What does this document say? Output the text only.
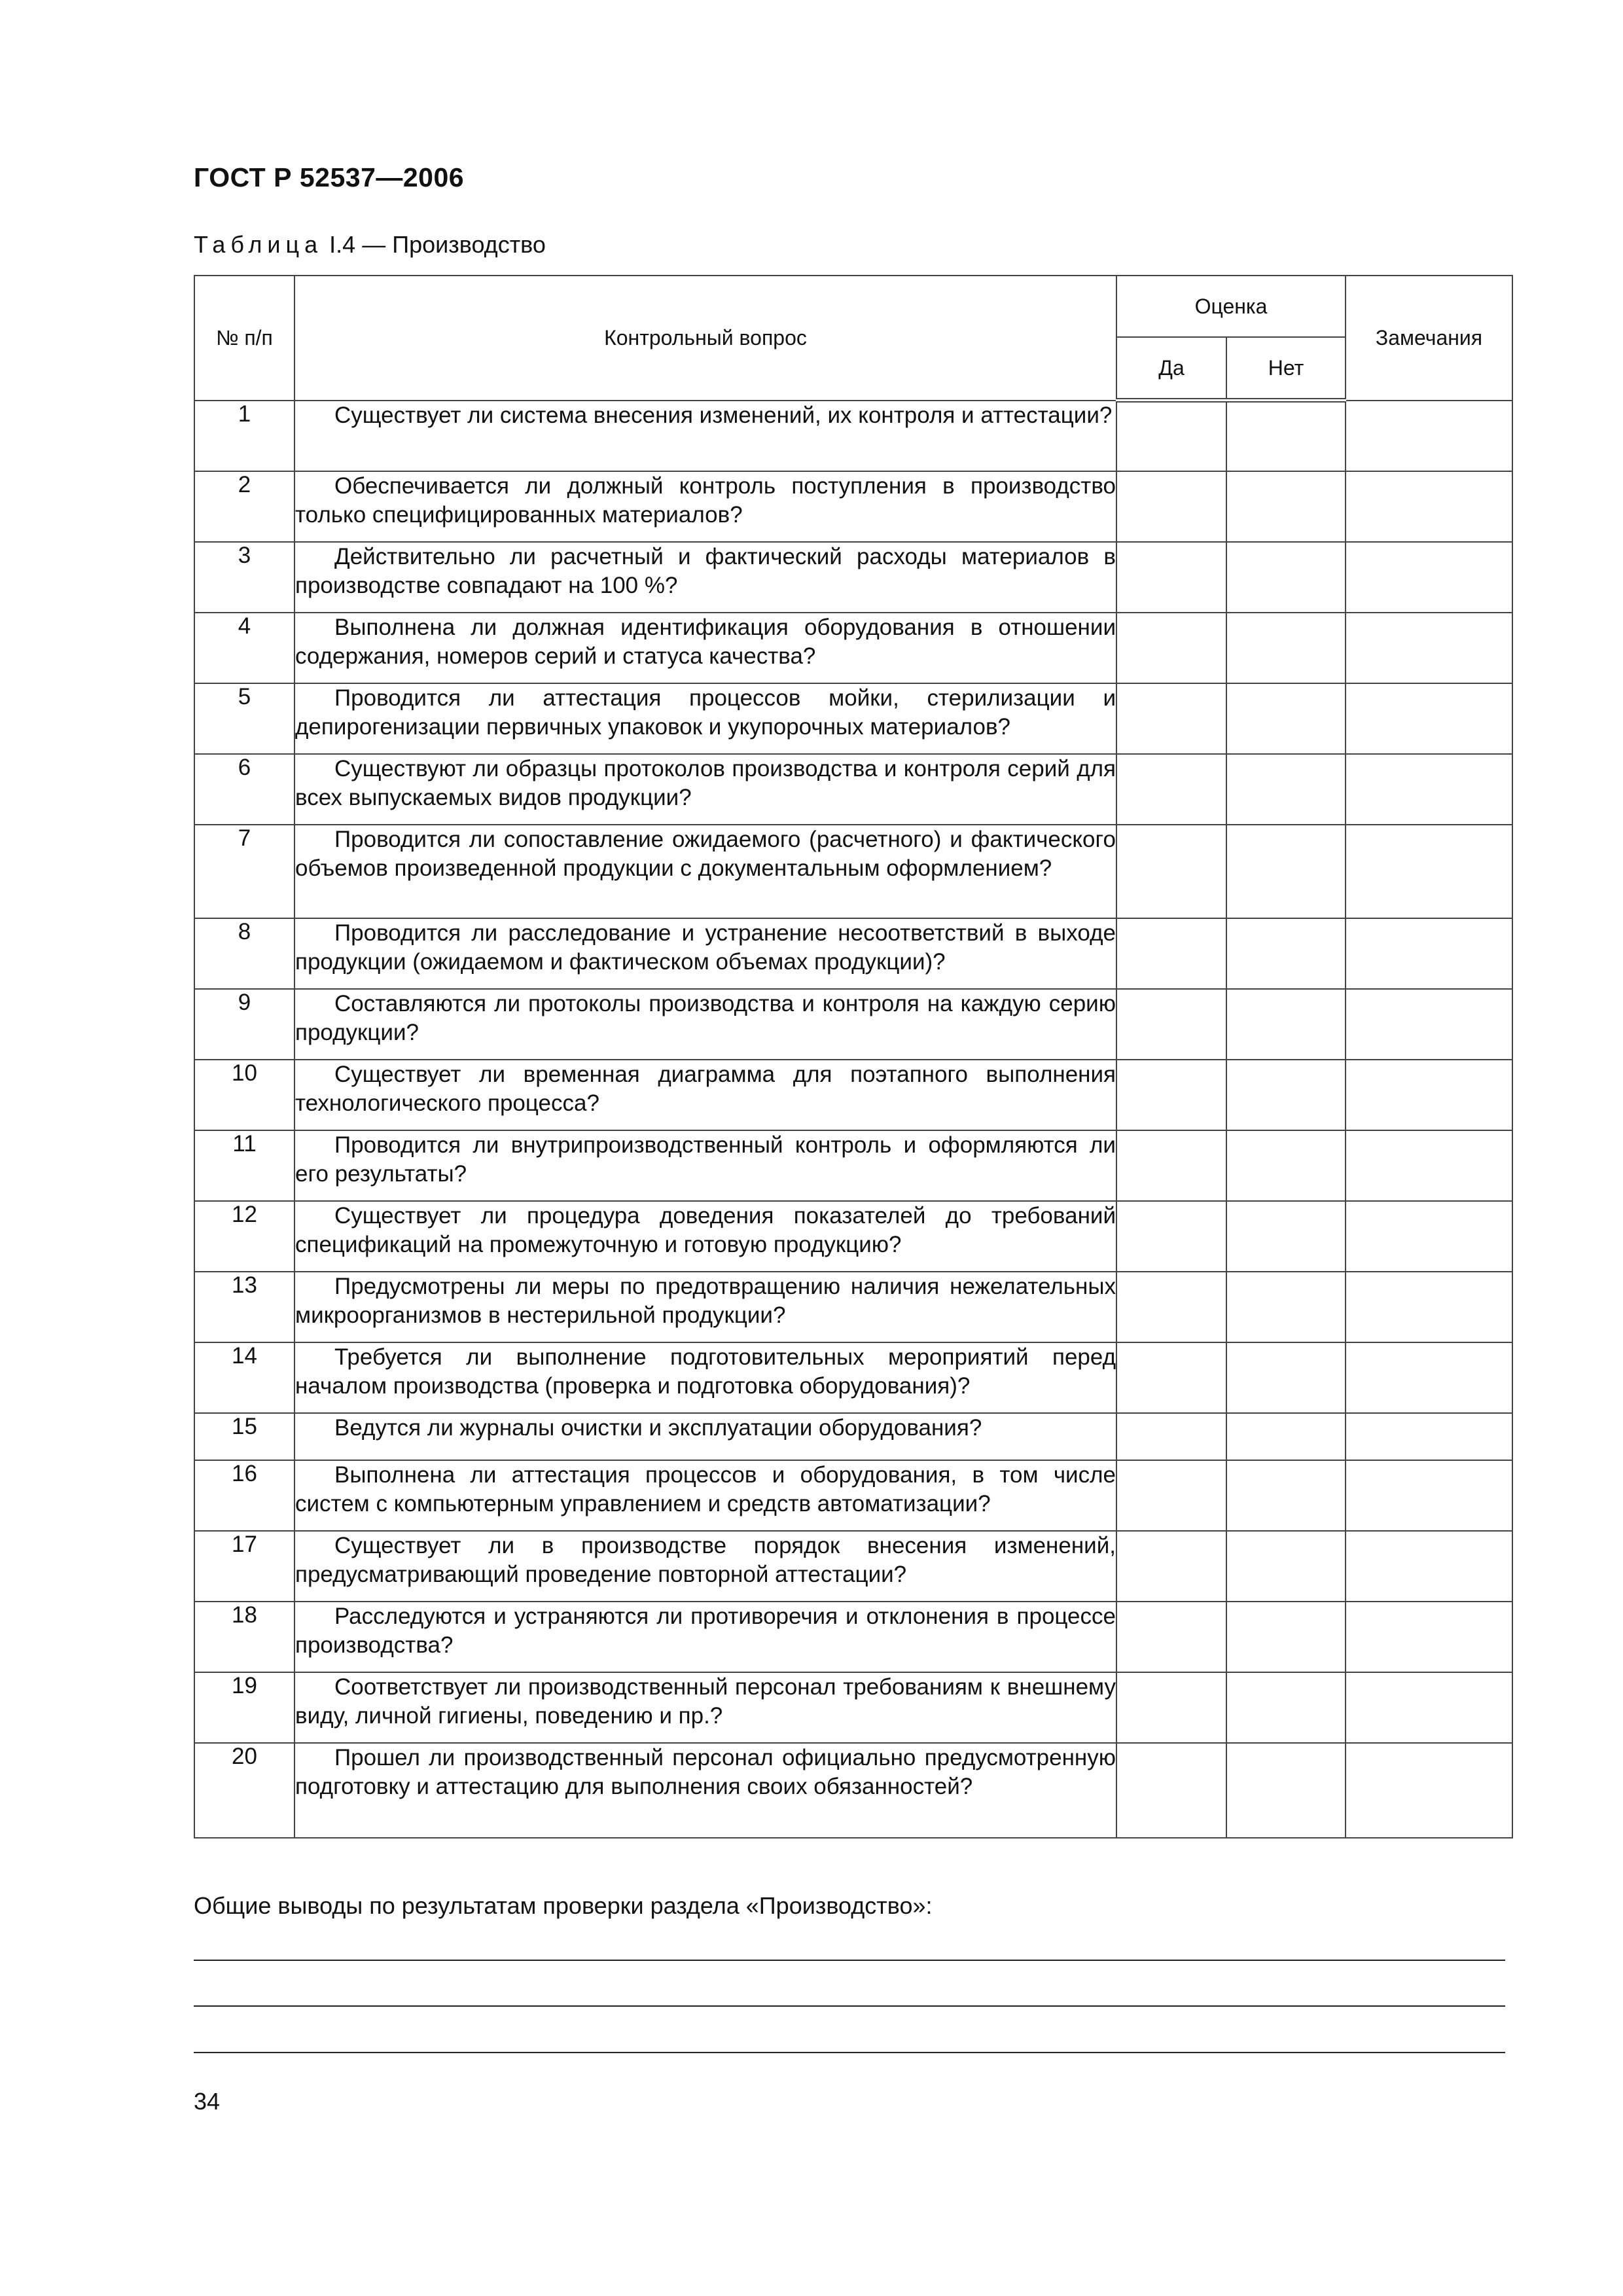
ГОСТ Р 52537—2006
Таблица I.4 — Производство
№ п/п	Контрольный вопрос	Оценка		Замечания
		Да	Нет	
1	Существует ли система внесения изменений, их контроля и аттестации?			

2	Обеспечивается ли должный контроль поступления в производство только специфицированных материалов?			

3	Действительно ли расчетный и фактический расходы материалов в производстве совпадают на 100 %?			

4	Выполнена ли должная идентификация оборудования в отношении содержания, номеров серий и статуса качества?			

5	Проводится ли аттестация процессов мойки, стерилизации и депирогенизации первичных упаковок и укупорочных материалов?			

6	Существуют ли образцы протоколов производства и контроля серий для всех выпускаемых видов продукции?			

7	Проводится ли сопоставление ожидаемого (расчетного) и фактического объемов произведенной продукции с документальным оформлением?			

8	Проводится ли расследование и устранение несоответствий в выходе продукции (ожидаемом и фактическом объемах продукции)?			

9	Составляются ли протоколы производства и контроля на каждую серию продукции?			

10	Существует ли временная диаграмма для поэтапного выполнения технологического процесса?			

11	Проводится ли внутрипроизводственный контроль и оформляются ли его результаты?			

12	Существует ли процедура доведения показателей до требований спецификаций на промежуточную и готовую продукцию?			

13	Предусмотрены ли меры по предотвращению наличия нежелательных микроорганизмов в нестерильной продукции?			

14	Требуется ли выполнение подготовительных мероприятий перед началом производства (проверка и подготовка оборудования)?			

15	Ведутся ли журналы очистки и эксплуатации оборудования?			

16	Выполнена ли аттестация процессов и оборудования, в том числе систем с компьютерным управлением и средств автоматизации?			

17	Существует ли в производстве порядок внесения изменений, предусматривающий проведение повторной аттестации?			

18	Расследуются и устраняются ли противоречия и отклонения в процессе производства?			

19	Соответствует ли производственный персонал требованиям к внешнему виду, личной гигиены, поведению и пр.?			

20	Прошел ли производственный персонал официально предусмотренную подготовку и аттестацию для выполнения своих обязанностей?			

Общие выводы по результатам проверки раздела «Производство»:
34
